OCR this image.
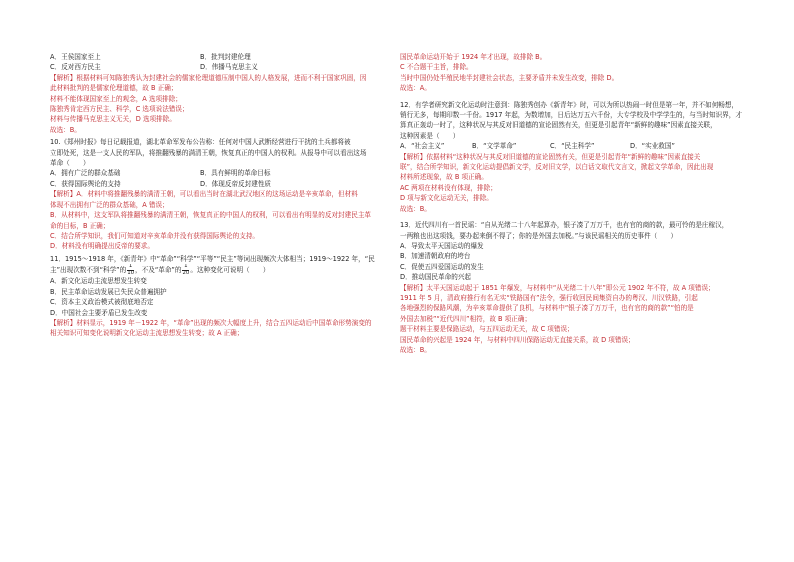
A．王侯国家至上	B．批判封建伦理
C．反对西方民主	D．伟播马克思主义
【解析】根据材料可知陈独秀认为封建社会的儒家伦理道德压制中国人的人格发展，进而不利于国家巩固，因
此材料批判的是儒家伦理道德，故 B 正确；
材料不能体现国家至上的观念，A 选项排除；
陈独秀肯定西方民主、科学，C 选项说法错误；
材料与传播马克思主义无关，D 选项排除。
故选：B。
10.《郑州时报》每日记载报道，湖北革命军发布公告称：任何对中国人武断经营进行干扰的土兵都将被
立即处死，这是一支人民的军队，将推翻残暴的满清王朝，恢复真正的中国人的权利。从报导中可以看出这场
革命（　　）
A．拥有广泛的群众基础	B．具有鲜明的革命目标
C．获得国际舆论的支持	D．体现反帝反封建性质
【解析】A．材料中将推翻残暴的满清王朝，可以看出当时在湖北武汉地区的这场运动是辛亥革命，但材料
体现不出拥有广泛的群众基础，A 错误；
B．从材料中，这支军队将推翻残暴的满清王朝，恢复真正的中国人的权利，可以看出有明显的反对封建民主革
命的目标，B 正确；
C．结合所学知识，我们可知道对辛亥革命并没有获得国际舆论的支持。
D．材料没有明确提出反帝的要求。
11．1915～1918 年，《新青年》中“革命”“科学”“平等”“民主”等词出现频次大体相当；1919～1922 年，“民
主”出现次数不到“科学”的 $\frac{1}{10}$ ，不及“革命”的 $\frac{1}{20}$ 。这种变化可说明（　　）
A．新文化运动主流思想发生转变
B．民主革命运动发展已失民众普遍拥护
C．资本主义政治模式被彻底地否定
D．中国社会主要矛盾已发生改变
【解析】材料显示，1919 年－1922 年，“革命”出现的频次大幅度上升，结合五四运动后中国革命形势演变的
相关知识可知变化说明新文化运动主流思想发生转变；故 A 正确；
国民革命运动开始于 1924 年才出现，故排除 B。
C 不合题干主旨，排除。
当时中国仍处半殖民地半封建社会状态，主要矛盾并未发生改变，排除 D。
故选：A。
12．有学者研究新文化运动时注意到：陈独秀创办《新青年》时，可以为所以热闹一时但是第一年，并不如何畅想，
销行无多，每期印数一千份。1917 年起，为数增加，日后达万五六千份，大专学校及中学学生的，与当时知识界，才
算真正轰动一时了，这种状况与其反对旧道德的宣论固然有关，但更是引起青年“新鲜的趣味”因素直接关联，
这种因素是（　　）
A．“社会主义”	B．“文学革命”	C．“民主科学”	D．“实业救国”
【解析】依据材料“这种状况与其反对旧道德的宣论固然有关，但更是引起青年“新鲜的趣味”因素直接关
联”，结合所学知识，新文化运动提倡新文学，反对旧文学，以白话文取代文言文，掀起文学革命，因此出现
材料所述现象，故 B 项正确。
AC 两项在材料没有体现，排除；
D 项与新文化运动无关，排除。
故选：B。
13．近代四川有一首民谣：“自从光绪二十八年起算办，银子凑了万万千，也有官的商的款，最可怜的是庄稼汉，
一两粮也出这项钱，要办起来倒不得了；你的是外国去加税。”与该民谣相关的历史事件（　　）
A．导致太平天国运动的爆发
B．加速清朝政府的垮台
C．促使五四爱国运动的发生
D．推动国民革命的兴起
【解析】太平天国运动起于 1851 年爆发，与材料中“从光绪二十八年”即公元 1902 年不符，故 A 项错误；
1911 年 5 月，清政府推行有名无实“铁路国有”法令，强行收回民间集资自办的粤汉、川汉铁路，引起
各地强烈的保路风潮，为辛亥革命提供了良机，与材料中“银子凑了万万千，也有官的商的款”“怕的是
外国去加税”“近代四川”相符，故 B 项正确；
题干材料主要是保路运动，与五四运动无关，故 C 项错误；
国民革命的兴起是 1924 年，与材料中四川保路运动无直接关系，故 D 项错误；
故选：B。
